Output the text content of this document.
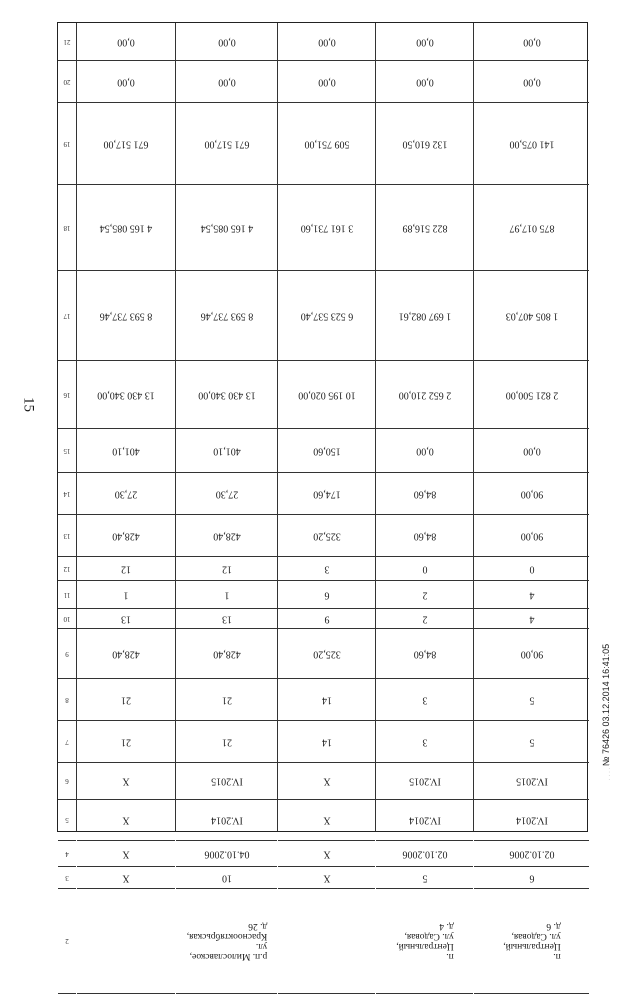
15
21
20
19
18
17
16
15
14
13
12
11
10
9
8
7
6
5
4
3
2
0,00
0,00
671 517,00
4 165 085,54
8 593 737,46
13 430 340,00
401,10
27,30
428,40
12
1
13
428,40
21
21
X
X
X
X
0,00
0,00
671 517,00
4 165 085,54
8 593 737,46
13 430 340,00
401,10
27,30
428,40
12
1
13
428,40
21
21
IV.2015
IV.2014
04.10.2006
10
р.п. Милославское,
ул. Краснооктябрьская,
д. 26
0,00
0,00
509 751,00
3 161 731,60
6 523 537,40
10 195 020,00
150,60
174,60
325,20
3
6
9
325,20
14
14
X
X
X
X
0,00
0,00
132 610,50
822 516,89
1 697 082,61
2 652 210,00
0,00
84,60
84,60
0
2
2
84,60
3
3
IV.2015
IV.2014
02.10.2006
5
п. Центральный,
ул. Садовая, д. 4
0,00
0,00
141 075,00
875 017,97
1 805 407,03
2 821 500,00
0,00
90,00
90,00
0
4
4
90,00
5
5
IV.2015
IV.2014
02.10.2006
6
п. Центральный,
ул. Садовая, д. 6
№ 76426 03.12.2014 16:41:05
· · · · ·
